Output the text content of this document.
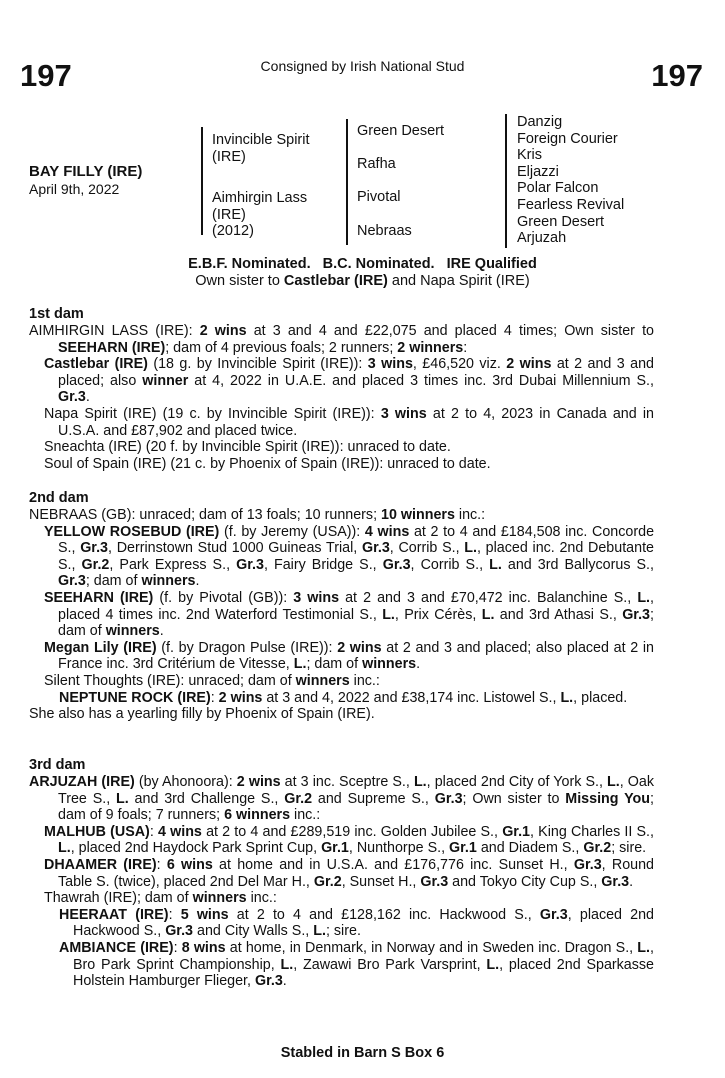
197	Consigned by Irish National Stud	197
BAY FILLY (IRE)
April 9th, 2022
Invincible Spirit
(IRE)
Aimhirgin Lass
(IRE)
(2012)
Green Desert
Rafha
Pivotal
Nebraas
Danzig
Foreign Courier
Kris
Eljazzi
Polar Falcon
Fearless Revival
Green Desert
Arjuzah
E.B.F. Nominated. B.C. Nominated. IRE Qualified
Own sister to Castlebar (IRE) and Napa Spirit (IRE)
1st dam

AIMHIRGIN LASS (IRE): 2 wins at 3 and 4 and £22,075 and placed 4 times; Own sister to SEEHARN (IRE); dam of 4 previous foals; 2 runners; 2 winners:

Castlebar (IRE) (18 g. by Invincible Spirit (IRE)): 3 wins, £46,520 viz. 2 wins at 2 and 3 and placed; also winner at 4, 2022 in U.A.E. and placed 3 times inc. 3rd Dubai Millennium S., Gr.3.

Napa Spirit (IRE) (19 c. by Invincible Spirit (IRE)): 3 wins at 2 to 4, 2023 in Canada and in U.S.A. and £87,902 and placed twice.

Sneachta (IRE) (20 f. by Invincible Spirit (IRE)): unraced to date.

Soul of Spain (IRE) (21 c. by Phoenix of Spain (IRE)): unraced to date.

2nd dam

NEBRAAS (GB): unraced; dam of 13 foals; 10 runners; 10 winners inc.:

YELLOW ROSEBUD (IRE) (f. by Jeremy (USA)): 4 wins at 2 to 4 and £184,508 inc. Concorde S., Gr.3, Derrinstown Stud 1000 Guineas Trial, Gr.3, Corrib S., L., placed inc. 2nd Debutante S., Gr.2, Park Express S., Gr.3, Fairy Bridge S., Gr.3, Corrib S., L. and 3rd Ballycorus S., Gr.3; dam of winners.

SEEHARN (IRE) (f. by Pivotal (GB)): 3 wins at 2 and 3 and £70,472 inc. Balanchine S., L., placed 4 times inc. 2nd Waterford Testimonial S., L., Prix Cérès, L. and 3rd Athasi S., Gr.3; dam of winners.

Megan Lily (IRE) (f. by Dragon Pulse (IRE)): 2 wins at 2 and 3 and placed; also placed at 2 in France inc. 3rd Critérium de Vitesse, L.; dam of winners.

Silent Thoughts (IRE): unraced; dam of winners inc.:

NEPTUNE ROCK (IRE): 2 wins at 3 and 4, 2022 and £38,174 inc. Listowel S., L., placed.

She also has a yearling filly by Phoenix of Spain (IRE).

3rd dam

ARJUZAH (IRE) (by Ahonoora): 2 wins at 3 inc. Sceptre S., L., placed 2nd City of York S., L., Oak Tree S., L. and 3rd Challenge S., Gr.2 and Supreme S., Gr.3; Own sister to Missing You; dam of 9 foals; 7 runners; 6 winners inc.:

MALHUB (USA): 4 wins at 2 to 4 and £289,519 inc. Golden Jubilee S., Gr.1, King Charles II S., L., placed 2nd Haydock Park Sprint Cup, Gr.1, Nunthorpe S., Gr.1 and Diadem S., Gr.2; sire.

DHAAMER (IRE): 6 wins at home and in U.S.A. and £176,776 inc. Sunset H., Gr.3, Round Table S. (twice), placed 2nd Del Mar H., Gr.2, Sunset H., Gr.3 and Tokyo City Cup S., Gr.3.

Thawrah (IRE); dam of winners inc.:

HEERAAT (IRE): 5 wins at 2 to 4 and £128,162 inc. Hackwood S., Gr.3, placed 2nd Hackwood S., Gr.3 and City Walls S., L.; sire.

AMBIANCE (IRE): 8 wins at home, in Denmark, in Norway and in Sweden inc. Dragon S., L., Bro Park Sprint Championship, L., Zawawi Bro Park Varsprint, L., placed 2nd Sparkasse Holstein Hamburger Flieger, Gr.3.

Stabled in Barn S Box 6
